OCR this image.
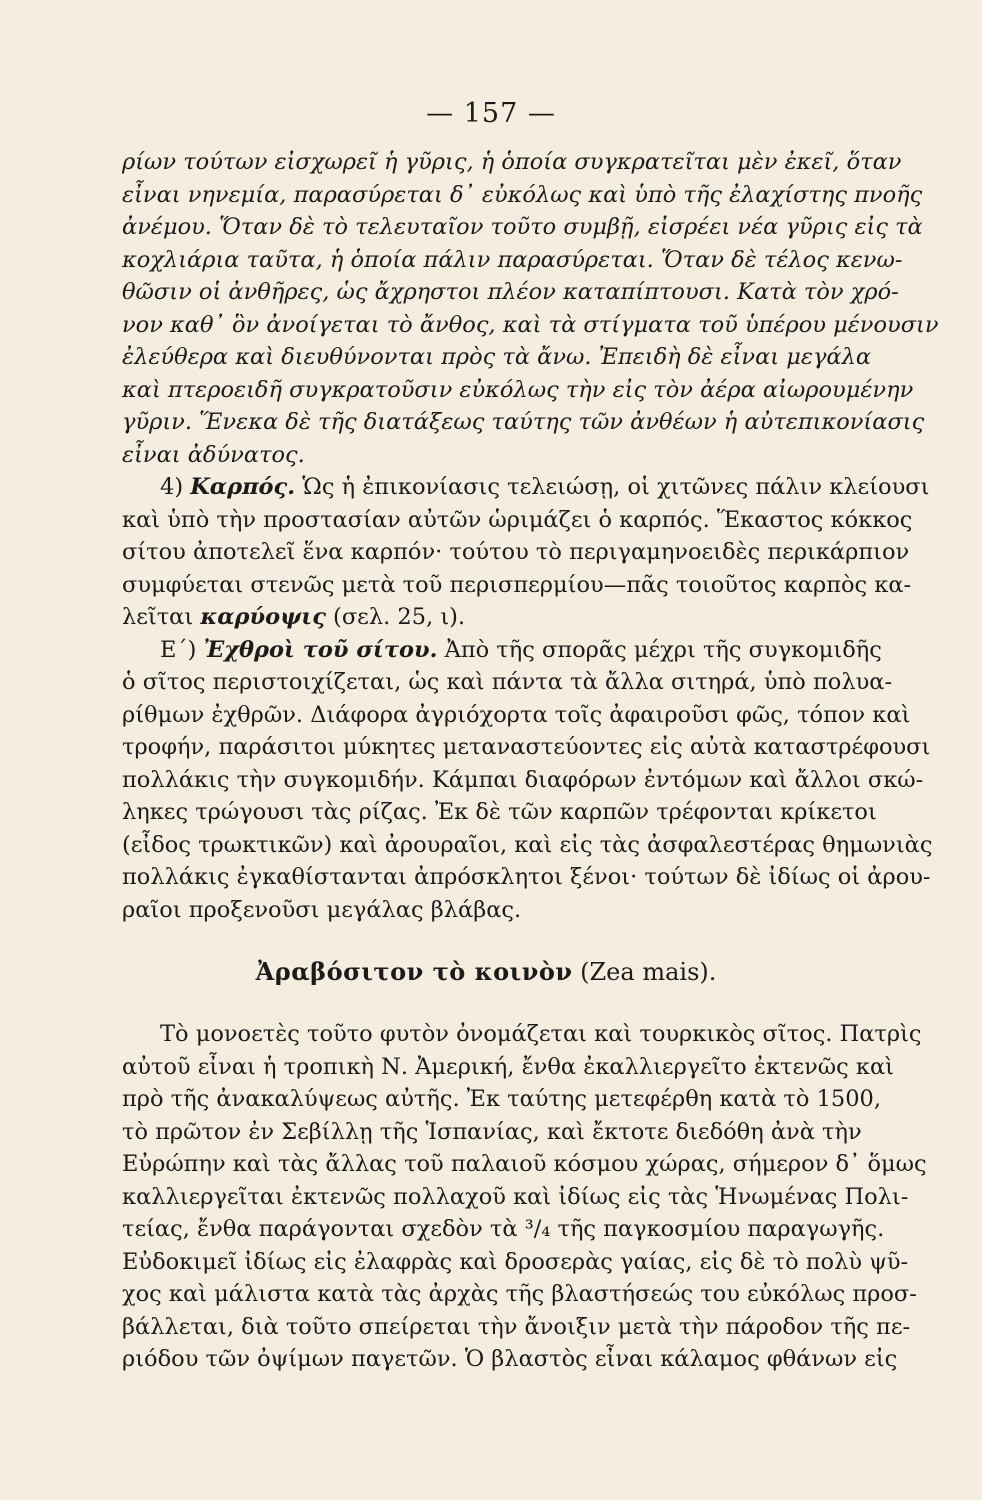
— 157 —
ρίων τούτων εἰσχωρεῖ ἡ γῦρις, ἡ ὁποία συγκρατεῖται μὲν ἐκεῖ, ὅταν
εἶναι νηνεμία, παρασύρεται δ᾿ εὐκόλως καὶ ὑπὸ τῆς ἐλαχίστης πνοῆς
ἀνέμου. Ὅταν δὲ τὸ τελευταῖον τοῦτο συμβῇ, εἰσρέει νέα γῦρις εἰς τὰ
κοχλιάρια ταῦτα, ἡ ὁποία πάλιν παρασύρεται. Ὅταν δὲ τέλος κενω-
θῶσιν οἱ ἀνθῆρες, ὡς ἄχρηστοι πλέον καταπίπτουσι. Κατὰ τὸν χρό-
νον καθ᾿ ὃν ἀνοίγεται τὸ ἄνθος, καὶ τὰ στίγματα τοῦ ὑπέρου μένουσιν
ἐλεύθερα καὶ διευθύνονται πρὸς τὰ ἄνω. Ἐπειδὴ δὲ εἶναι μεγάλα
καὶ πτεροειδῆ συγκρατοῦσιν εὐκόλως τὴν εἰς τὸν ἀέρα αἰωρουμένην
γῦριν. Ἕνεκα δὲ τῆς διατάξεως ταύτης τῶν ἀνθέων ἡ αὐτεπικονίασις
εἶναι ἀδύνατος.
4) Καρπός. Ὡς ἡ ἐπικονίασις τελειώσῃ, οἱ χιτῶνες πάλιν κλείουσι
καὶ ὑπὸ τὴν προστασίαν αὐτῶν ὡριμάζει ὁ καρπός. Ἕκαστος κόκκος
σίτου ἀποτελεῖ ἕνα καρπόν· τούτου τὸ περιγαμηνοειδὲς περικάρπιον
συμφύεται στενῶς μετὰ τοῦ περισπερμίου—πᾶς τοιοῦτος καρπὸς κα-
λεῖται καρύοψις (σελ. 25, ι).
Ε΄) Ἐχθροὶ τοῦ σίτου. Ἀπὸ τῆς σπορᾶς μέχρι τῆς συγκομιδῆς
ὁ σῖτος περιστοιχίζεται, ὡς καὶ πάντα τὰ ἄλλα σιτηρά, ὑπὸ πολυα-
ρίθμων ἐχθρῶν. Διάφορα ἀγριόχορτα τοῖς ἀφαιροῦσι φῶς, τόπον καὶ
τροφήν, παράσιτοι μύκητες μεταναστεύοντες εἰς αὐτὰ καταστρέφουσι
πολλάκις τὴν συγκομιδήν. Κάμπαι διαφόρων ἐντόμων καὶ ἄλλοι σκώ-
ληκες τρώγουσι τὰς ρίζας. Ἐκ δὲ τῶν καρπῶν τρέφονται κρίκετοι
(εἶδος τρωκτικῶν) καὶ ἀρουραῖοι, καὶ εἰς τὰς ἀσφαλεστέρας θημωνιὰς
πολλάκις ἐγκαθίστανται ἀπρόσκλητοι ξένοι· τούτων δὲ ἰδίως οἱ ἀρου-
ραῖοι προξενοῦσι μεγάλας βλάβας.
Ἀραβόσιτον τὸ κοινὸν (Zea mais).
Τὸ μονοετὲς τοῦτο φυτὸν ὀνομάζεται καὶ τουρκικὸς σῖτος. Πατρὶς
αὐτοῦ εἶναι ἡ τροπικὴ Ν. Ἀμερική, ἔνθα ἐκαλλιεργεῖτο ἐκτενῶς καὶ
πρὸ τῆς ἀνακαλύψεως αὐτῆς. Ἐκ ταύτης μετεφέρθη κατὰ τὸ 1500,
τὸ πρῶτον ἐν Σεβίλλῃ τῆς Ἱσπανίας, καὶ ἔκτοτε διεδόθη ἀνὰ τὴν
Εὐρώπην καὶ τὰς ἄλλας τοῦ παλαιοῦ κόσμου χώρας, σήμερον δ᾿ ὅμως
καλλιεργεῖται ἐκτενῶς πολλαχοῦ καὶ ἰδίως εἰς τὰς Ἡνωμένας Πολι-
τείας, ἔνθα παράγονται σχεδὸν τὰ ³/₄ τῆς παγκοσμίου παραγωγῆς.
Εὐδοκιμεῖ ἰδίως εἰς ἐλαφρὰς καὶ δροσερὰς γαίας, εἰς δὲ τὸ πολὺ ψῦ-
χος καὶ μάλιστα κατὰ τὰς ἀρχὰς τῆς βλαστήσεώς του εὐκόλως προσ-
βάλλεται, διὰ τοῦτο σπείρεται τὴν ἄνοιξιν μετὰ τὴν πάροδον τῆς πε-
ριόδου τῶν ὀψίμων παγετῶν. Ὁ βλαστὸς εἶναι κάλαμος φθάνων εἰς
